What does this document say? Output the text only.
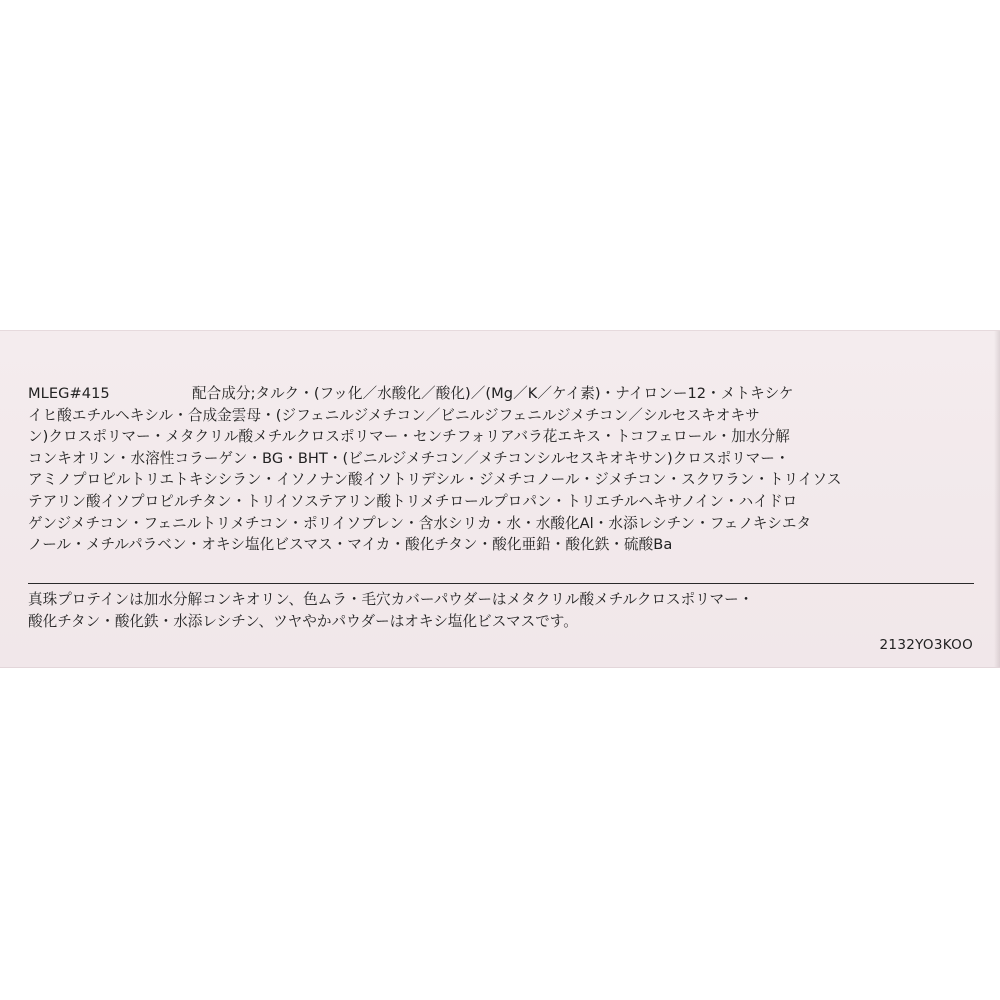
MLEG#415	配合成分;タルク・(フッ化／水酸化／酸化)／(Mg／K／ケイ素)・ナイロンー12・メトキシケ
イヒ酸エチルヘキシル・合成金雲母・(ジフェニルジメチコン／ビニルジフェニルジメチコン／シルセスキオキサ
ン)クロスポリマー・メタクリル酸メチルクロスポリマー・センチフォリアバラ花エキス・トコフェロール・加水分解
コンキオリン・水溶性コラーゲン・BG・BHT・(ビニルジメチコン／メチコンシルセスキオキサン)クロスポリマー・
アミノプロピルトリエトキシシラン・イソノナン酸イソトリデシル・ジメチコノール・ジメチコン・スクワラン・トリイソス
テアリン酸イソプロピルチタン・トリイソステアリン酸トリメチロールプロパン・トリエチルヘキサノイン・ハイドロ
ゲンジメチコン・フェニルトリメチコン・ポリイソプレン・含水シリカ・水・水酸化Al・水添レシチン・フェノキシエタ
ノール・メチルパラベン・オキシ塩化ビスマス・マイカ・酸化チタン・酸化亜鉛・酸化鉄・硫酸Ba
真珠プロテインは加水分解コンキオリン、色ムラ・毛穴カバーパウダーはメタクリル酸メチルクロスポリマー・
酸化チタン・酸化鉄・水添レシチン、ツヤやかパウダーはオキシ塩化ビスマスです。
2132YO3KOO
